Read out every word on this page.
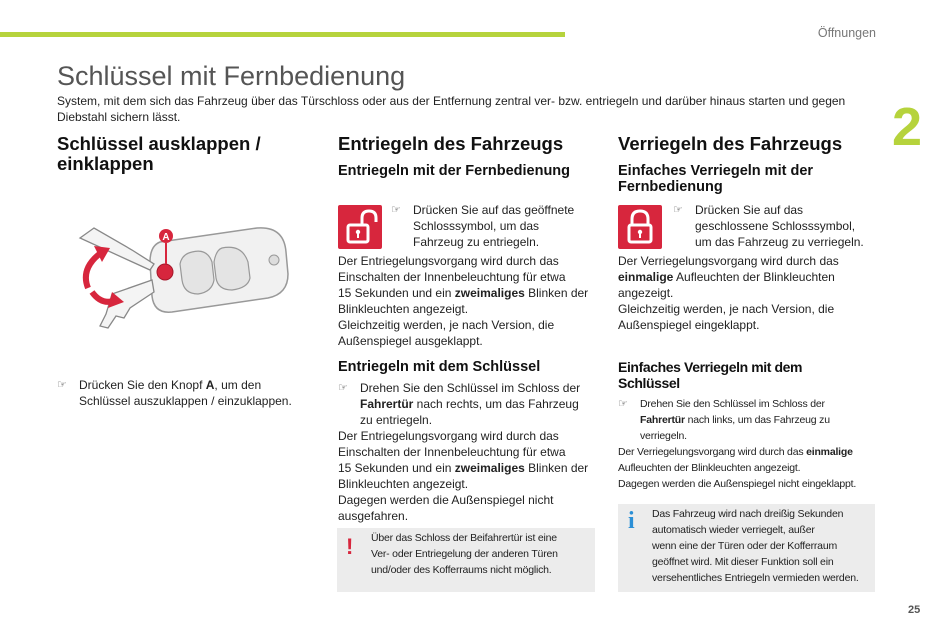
Öffnungen
2
Schlüssel mit Fernbedienung
System, mit dem sich das Fahrzeug über das Türschloss oder aus der Entfernung zentral ver- bzw. entriegeln und darüber hinaus starten und gegen Diebstahl sichern lässt.
Schlüssel ausklappen /
einklappen
A
☞ Drücken Sie den Knopf A, um den
Schlüssel auszuklappen / einzuklappen.
Entriegeln des Fahrzeugs
Entriegeln mit der Fernbedienung
☞ Drücken Sie auf das geöffnete
Schlosssymbol, um das
Fahrzeug zu entriegeln.

Der Entriegelungsvorgang wird durch das
Einschalten der Innenbeleuchtung für etwa
15 Sekunden und ein zweimaliges Blinken der
Blinkleuchten angezeigt.
Gleichzeitig werden, je nach Version, die
Außenspiegel ausgeklappt.

Entriegeln mit dem Schlüssel
☞ Drehen Sie den Schlüssel im Schloss der
Fahrertür nach rechts, um das Fahrzeug
zu entriegeln.

Der Entriegelungsvorgang wird durch das
Einschalten der Innenbeleuchtung für etwa
15 Sekunden und ein zweimaliges Blinken der
Blinkleuchten angezeigt.
Dagegen werden die Außenspiegel nicht
ausgefahren.

! Über das Schloss der Beifahrertür ist eine
Ver- oder Entriegelung der anderen Türen
und/oder des Kofferraums nicht möglich.

Verriegeln des Fahrzeugs
Einfaches Verriegeln mit der
Fernbedienung
☞ Drücken Sie auf das
geschlossene Schlosssymbol,
um das Fahrzeug zu verriegeln.

Der Verriegelungsvorgang wird durch das
einmalige Aufleuchten der Blinkleuchten
angezeigt.
Gleichzeitig werden, je nach Version, die
Außenspiegel eingeklappt.

Einfaches Verriegeln mit dem
Schlüssel
☞ Drehen Sie den Schlüssel im Schloss der
Fahrertür nach links, um das Fahrzeug zu
verriegeln.

Der Verriegelungsvorgang wird durch das einmalige
Aufleuchten der Blinkleuchten angezeigt.
Dagegen werden die Außenspiegel nicht eingeklappt.

i Das Fahrzeug wird nach dreißig Sekunden
automatisch wieder verriegelt, außer
wenn eine der Türen oder der Kofferraum
geöffnet wird. Mit dieser Funktion soll ein
versehentliches Entriegeln vermieden werden.

25
